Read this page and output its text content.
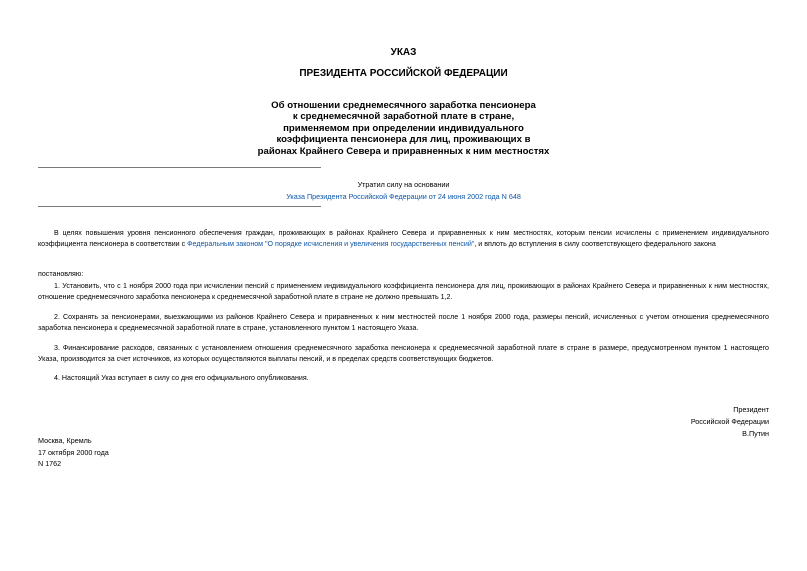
УКАЗ
ПРЕЗИДЕНТА РОССИЙСКОЙ ФЕДЕРАЦИИ
Об отношении среднемесячного заработка пенсионера
к среднемесячной заработной плате в стране,
применяемом при определении индивидуального
коэффициента пенсионера для лиц, проживающих в
районах Крайнего Севера и приравненных к ним местностях
Утратил силу на основании
Указа Президента Российской Федерации от 24 июня 2002 года N 648
В целях повышения уровня пенсионного обеспечения граждан, проживающих в районах Крайнего Севера и приравненных к ним местностях, которым пенсии исчислены с применением индивидуального
коэффициента пенсионера в соответствии с Федеральным законом "О порядке исчисления и увеличения государственных пенсий", и вплоть до вступления в силу соответствующего федерального закона
постановляю:
1. Установить, что с 1 ноября 2000 года при исчислении пенсий с применением индивидуального коэффициента пенсионера для лиц, проживающих в районах Крайнего Севера и приравненных к ним местностях,
отношение среднемесячного заработка пенсионера к среднемесячной заработной плате в стране не должно превышать 1,2.
2. Сохранять за пенсионерами, выезжающими из районов Крайнего Севера и приравненных к ним местностей после 1 ноября 2000 года, размеры пенсий, исчисленных с учетом отношения среднемесячного
заработка пенсионера к среднемесячной заработной плате в стране, установленного пунктом 1 настоящего Указа.
3. Финансирование расходов, связанных с установлением отношения среднемесячного заработка пенсионера к среднемесячной заработной плате в стране в размере, предусмотренном пунктом 1 настоящего
Указа, производится за счет источников, из которых осуществляются выплаты пенсий, и в пределах средств соответствующих бюджетов.
4. Настоящий Указ вступает в силу со дня его официального опубликования.
Президент
Российской Федерации
В.Путин
Москва, Кремль
17 октября 2000 года
N 1762
